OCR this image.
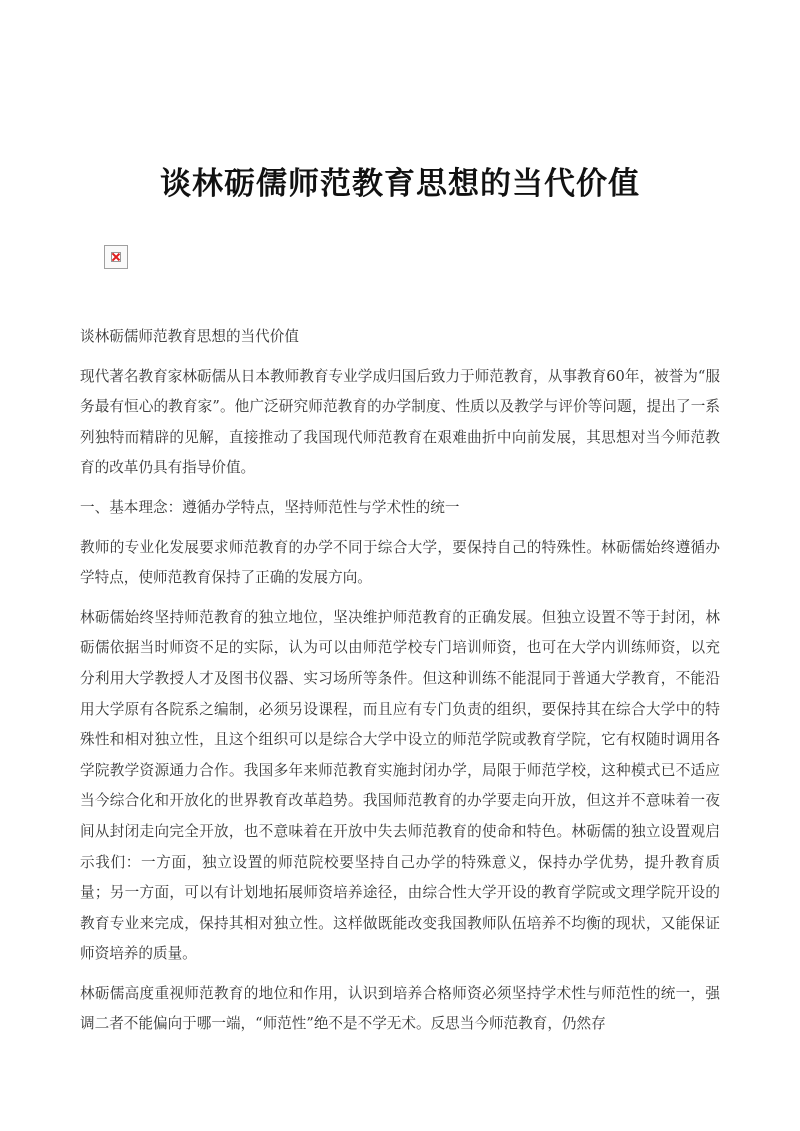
谈林砺儒师范教育思想的当代价值
谈林砺儒师范教育思想的当代价值

现代著名教育家林砺儒从日本教师教育专业学成归国后致力于师范教育，从事教育60年，被誉为“服务最有恒心的教育家”。他广泛研究师范教育的办学制度、性质以及教学与评价等问题，提出了一系列独特而精辟的见解，直接推动了我国现代师范教育在艰难曲折中向前发展，其思想对当今师范教育的改革仍具有指导价值。

一、基本理念：遵循办学特点，坚持师范性与学术性的统一

教师的专业化发展要求师范教育的办学不同于综合大学，要保持自己的特殊性。林砺儒始终遵循办学特点，使师范教育保持了正确的发展方向。

林砺儒始终坚持师范教育的独立地位，坚决维护师范教育的正确发展。但独立设置不等于封闭，林砺儒依据当时师资不足的实际，认为可以由师范学校专门培训师资，也可在大学内训练师资，以充分利用大学教授人才及图书仪器、实习场所等条件。但这种训练不能混同于普通大学教育，不能沿用大学原有各院系之编制，必须另设课程，而且应有专门负责的组织，要保持其在综合大学中的特殊性和相对独立性，且这个组织可以是综合大学中设立的师范学院或教育学院，它有权随时调用各学院教学资源通力合作。我国多年来师范教育实施封闭办学，局限于师范学校，这种模式已不适应当今综合化和开放化的世界教育改革趋势。我国师范教育的办学要走向开放，但这并不意味着一夜间从封闭走向完全开放，也不意味着在开放中失去师范教育的使命和特色。林砺儒的独立设置观启示我们：一方面，独立设置的师范院校要坚持自己办学的特殊意义，保持办学优势，提升教育质量；另一方面，可以有计划地拓展师资培养途径，由综合性大学开设的教育学院或文理学院开设的教育专业来完成，保持其相对独立性。这样做既能改变我国教师队伍培养不均衡的现状，又能保证师资培养的质量。

林砺儒高度重视师范教育的地位和作用，认识到培养合格师资必须坚持学术性与师范性的统一，强调二者不能偏向于哪一端，“师范性”绝不是不学无术。反思当今师范教育，仍然存
